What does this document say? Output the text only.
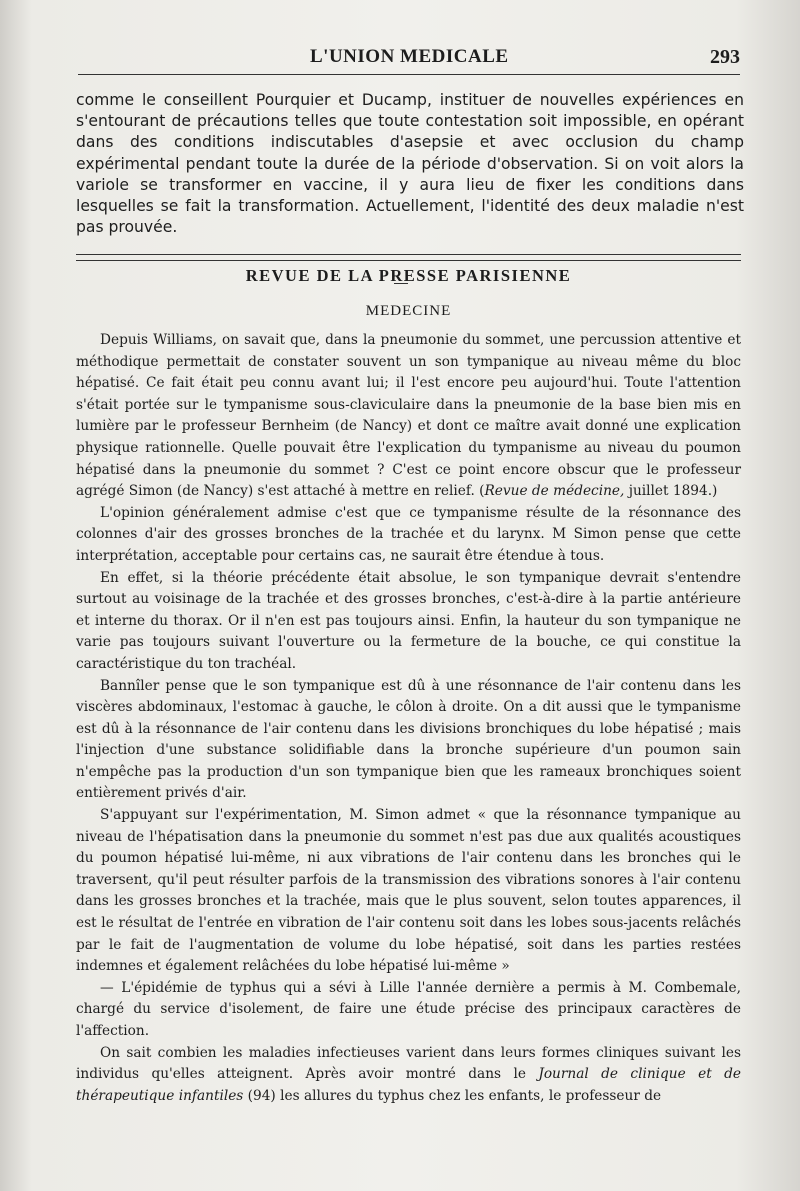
L'UNION MEDICALE	293

comme le conseillent Pourquier et Ducamp, instituer de nouvelles expériences en s'entourant de précautions telles que toute contestation soit impossible, en opérant dans des conditions indiscutables d'asepsie et avec occlusion du champ expérimental pendant toute la durée de la période d'observation. Si on voit alors la variole se transformer en vaccine, il y aura lieu de fixer les conditions dans lesquelles se fait la transformation. Actuellement, l'identité des deux maladie n'est pas prouvée.

REVUE DE LA PRESSE PARISIENNE
MEDECINE

Depuis Williams, on savait que, dans la pneumonie du sommet, une percussion attentive et méthodique permettait de constater souvent un son tympanique au niveau même du bloc hépatisé. Ce fait était peu connu avant lui; il l'est encore peu aujourd'hui. Toute l'attention s'était portée sur le tympanisme sous-claviculaire dans la pneumonie de la base bien mis en lumière par le professeur Bernheim (de Nancy) et dont ce maître avait donné une explication physique rationnelle. Quelle pouvait être l'explication du tympanisme au niveau du poumon hépatisé dans la pneumonie du sommet ? C'est ce point encore obscur que le professeur agrégé Simon (de Nancy) s'est attaché à mettre en relief. (Revue de médecine, juillet 1894.)

L'opinion généralement admise c'est que ce tympanisme résulte de la résonnance des colonnes d'air des grosses bronches de la trachée et du larynx. M Simon pense que cette interprétation, acceptable pour certains cas, ne saurait être étendue à tous.

En effet, si la théorie précédente était absolue, le son tympanique devrait s'entendre surtout au voisinage de la trachée et des grosses bronches, c'est-à-dire à la partie antérieure et interne du thorax. Or il n'en est pas toujours ainsi. Enfin, la hauteur du son tympanique ne varie pas toujours suivant l'ouverture ou la fermeture de la bouche, ce qui constitue la caractéristique du ton trachéal.

Bannîler pense que le son tympanique est dû à une résonnance de l'air contenu dans les viscères abdominaux, l'estomac à gauche, le côlon à droite. On a dit aussi que le tympanisme est dû à la résonnance de l'air contenu dans les divisions bronchiques du lobe hépatisé ; mais l'injection d'une substance solidifiable dans la bronche supérieure d'un poumon sain n'empêche pas la production d'un son tympanique bien que les rameaux bronchiques soient entièrement privés d'air.

S'appuyant sur l'expérimentation, M. Simon admet « que la résonnance tympanique au niveau de l'hépatisation dans la pneumonie du sommet n'est pas due aux qualités acoustiques du poumon hépatisé lui-même, ni aux vibrations de l'air contenu dans les bronches qui le traversent, qu'il peut résulter parfois de la transmission des vibrations sonores à l'air contenu dans les grosses bronches et la trachée, mais que le plus souvent, selon toutes apparences, il est le résultat de l'entrée en vibration de l'air contenu soit dans les lobes sous-jacents relâchés par le fait de l'augmentation de volume du lobe hépatisé, soit dans les parties restées indemnes et également relâchées du lobe hépatisé lui-même »

— L'épidémie de typhus qui a sévi à Lille l'année dernière a permis à M. Combemale, chargé du service d'isolement, de faire une étude précise des principaux caractères de l'affection.

On sait combien les maladies infectieuses varient dans leurs formes cliniques suivant les individus qu'elles atteignent. Après avoir montré dans le Journal de clinique et de thérapeutique infantiles (94) les allures du typhus chez les enfants, le professeur de
